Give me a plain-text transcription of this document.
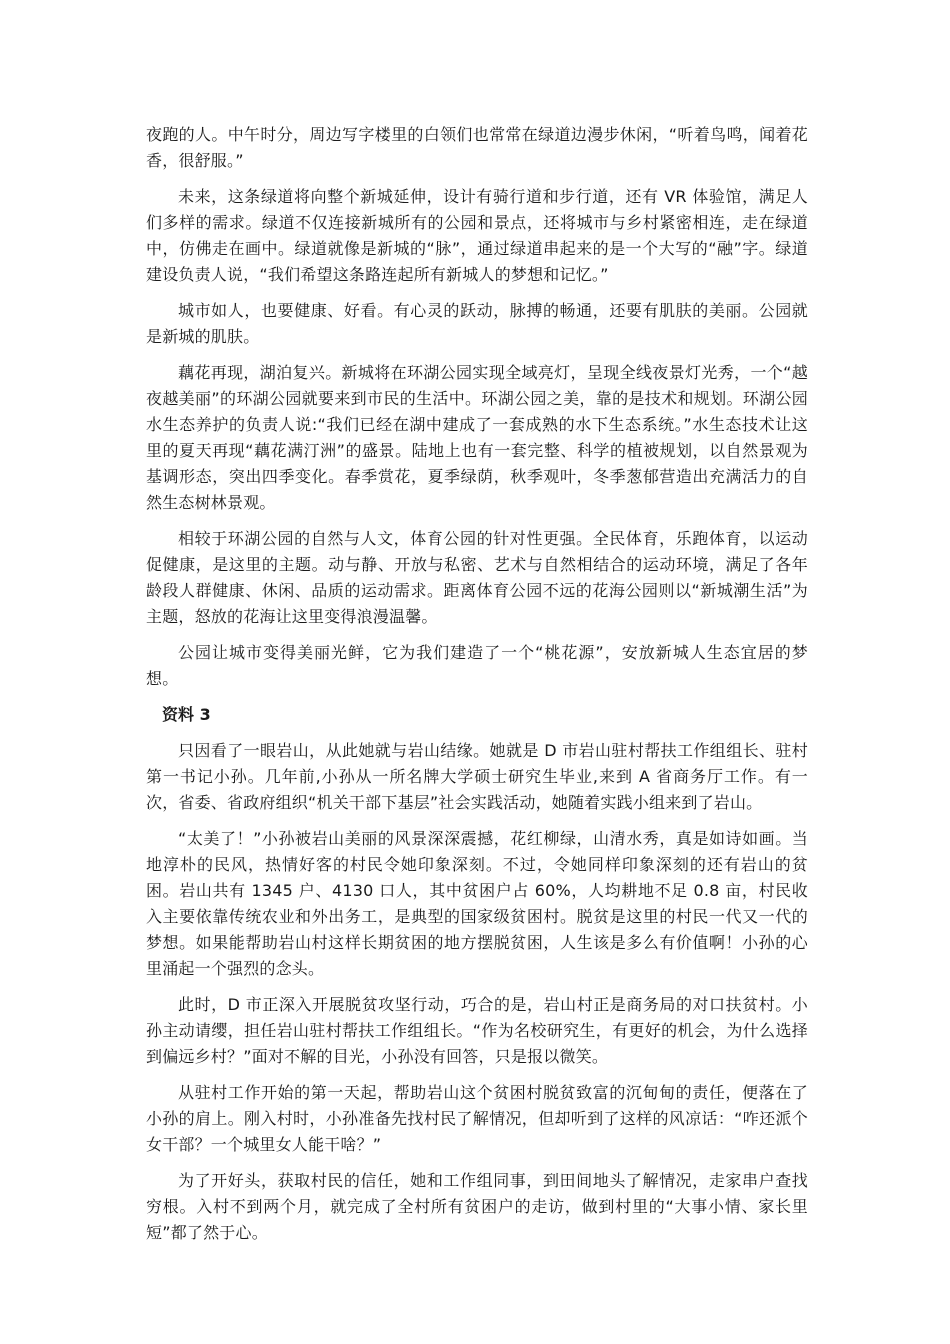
夜跑的人。中午时分，周边写字楼里的白领们也常常在绿道边漫步休闲，“听着鸟鸣，闻着花香，很舒服。”

未来，这条绿道将向整个新城延伸，设计有骑行道和步行道，还有 VR 体验馆，满足人们多样的需求。绿道不仅连接新城所有的公园和景点，还将城市与乡村紧密相连，走在绿道中，仿佛走在画中。绿道就像是新城的“脉”，通过绿道串起来的是一个大写的“融”字。绿道建设负责人说，“我们希望这条路连起所有新城人的梦想和记忆。”

城市如人，也要健康、好看。有心灵的跃动，脉搏的畅通，还要有肌肤的美丽。公园就是新城的肌肤。

藕花再现，湖泊复兴。新城将在环湖公园实现全域亮灯，呈现全线夜景灯光秀，一个“越夜越美丽”的环湖公园就要来到市民的生活中。环湖公园之美，靠的是技术和规划。环湖公园水生态养护的负责人说:“我们已经在湖中建成了一套成熟的水下生态系统。”水生态技术让这里的夏天再现“藕花满汀洲”的盛景。陆地上也有一套完整、科学的植被规划，以自然景观为基调形态，突出四季变化。春季赏花，夏季绿荫，秋季观叶，冬季葱郁营造出充满活力的自然生态树林景观。

相较于环湖公园的自然与人文，体育公园的针对性更强。全民体育，乐跑体育，以运动促健康，是这里的主题。动与静、开放与私密、艺术与自然相结合的运动环境，满足了各年龄段人群健康、休闲、品质的运动需求。距离体育公园不远的花海公园则以“新城潮生活”为主题，怒放的花海让这里变得浪漫温馨。

公园让城市变得美丽光鲜，它为我们建造了一个“桃花源”，安放新城人生态宜居的梦想。

资料 3

只因看了一眼岩山，从此她就与岩山结缘。她就是 D 市岩山驻村帮扶工作组组长、驻村第一书记小孙。几年前,小孙从一所名牌大学硕士研究生毕业,来到 A 省商务厅工作。有一次，省委、省政府组织“机关干部下基层”社会实践活动，她随着实践小组来到了岩山。

“太美了！”小孙被岩山美丽的风景深深震撼，花红柳绿，山清水秀，真是如诗如画。当地淳朴的民风，热情好客的村民令她印象深刻。不过，令她同样印象深刻的还有岩山的贫困。岩山共有 1345 户、4130 口人，其中贫困户占 60%，人均耕地不足 0.8 亩，村民收入主要依靠传统农业和外出务工，是典型的国家级贫困村。脱贫是这里的村民一代又一代的梦想。如果能帮助岩山村这样长期贫困的地方摆脱贫困，人生该是多么有价值啊！小孙的心里涌起一个强烈的念头。

此时，D 市正深入开展脱贫攻坚行动，巧合的是，岩山村正是商务局的对口扶贫村。小孙主动请缨，担任岩山驻村帮扶工作组组长。“作为名校研究生，有更好的机会，为什么选择到偏远乡村？”面对不解的目光，小孙没有回答，只是报以微笑。

从驻村工作开始的第一天起，帮助岩山这个贫困村脱贫致富的沉甸甸的责任，便落在了小孙的肩上。刚入村时，小孙准备先找村民了解情况，但却听到了这样的风凉话：“咋还派个女干部？一个城里女人能干啥？”

为了开好头，获取村民的信任，她和工作组同事，到田间地头了解情况，走家串户查找穷根。入村不到两个月，就完成了全村所有贫困户的走访，做到村里的“大事小情、家长里短”都了然于心。
